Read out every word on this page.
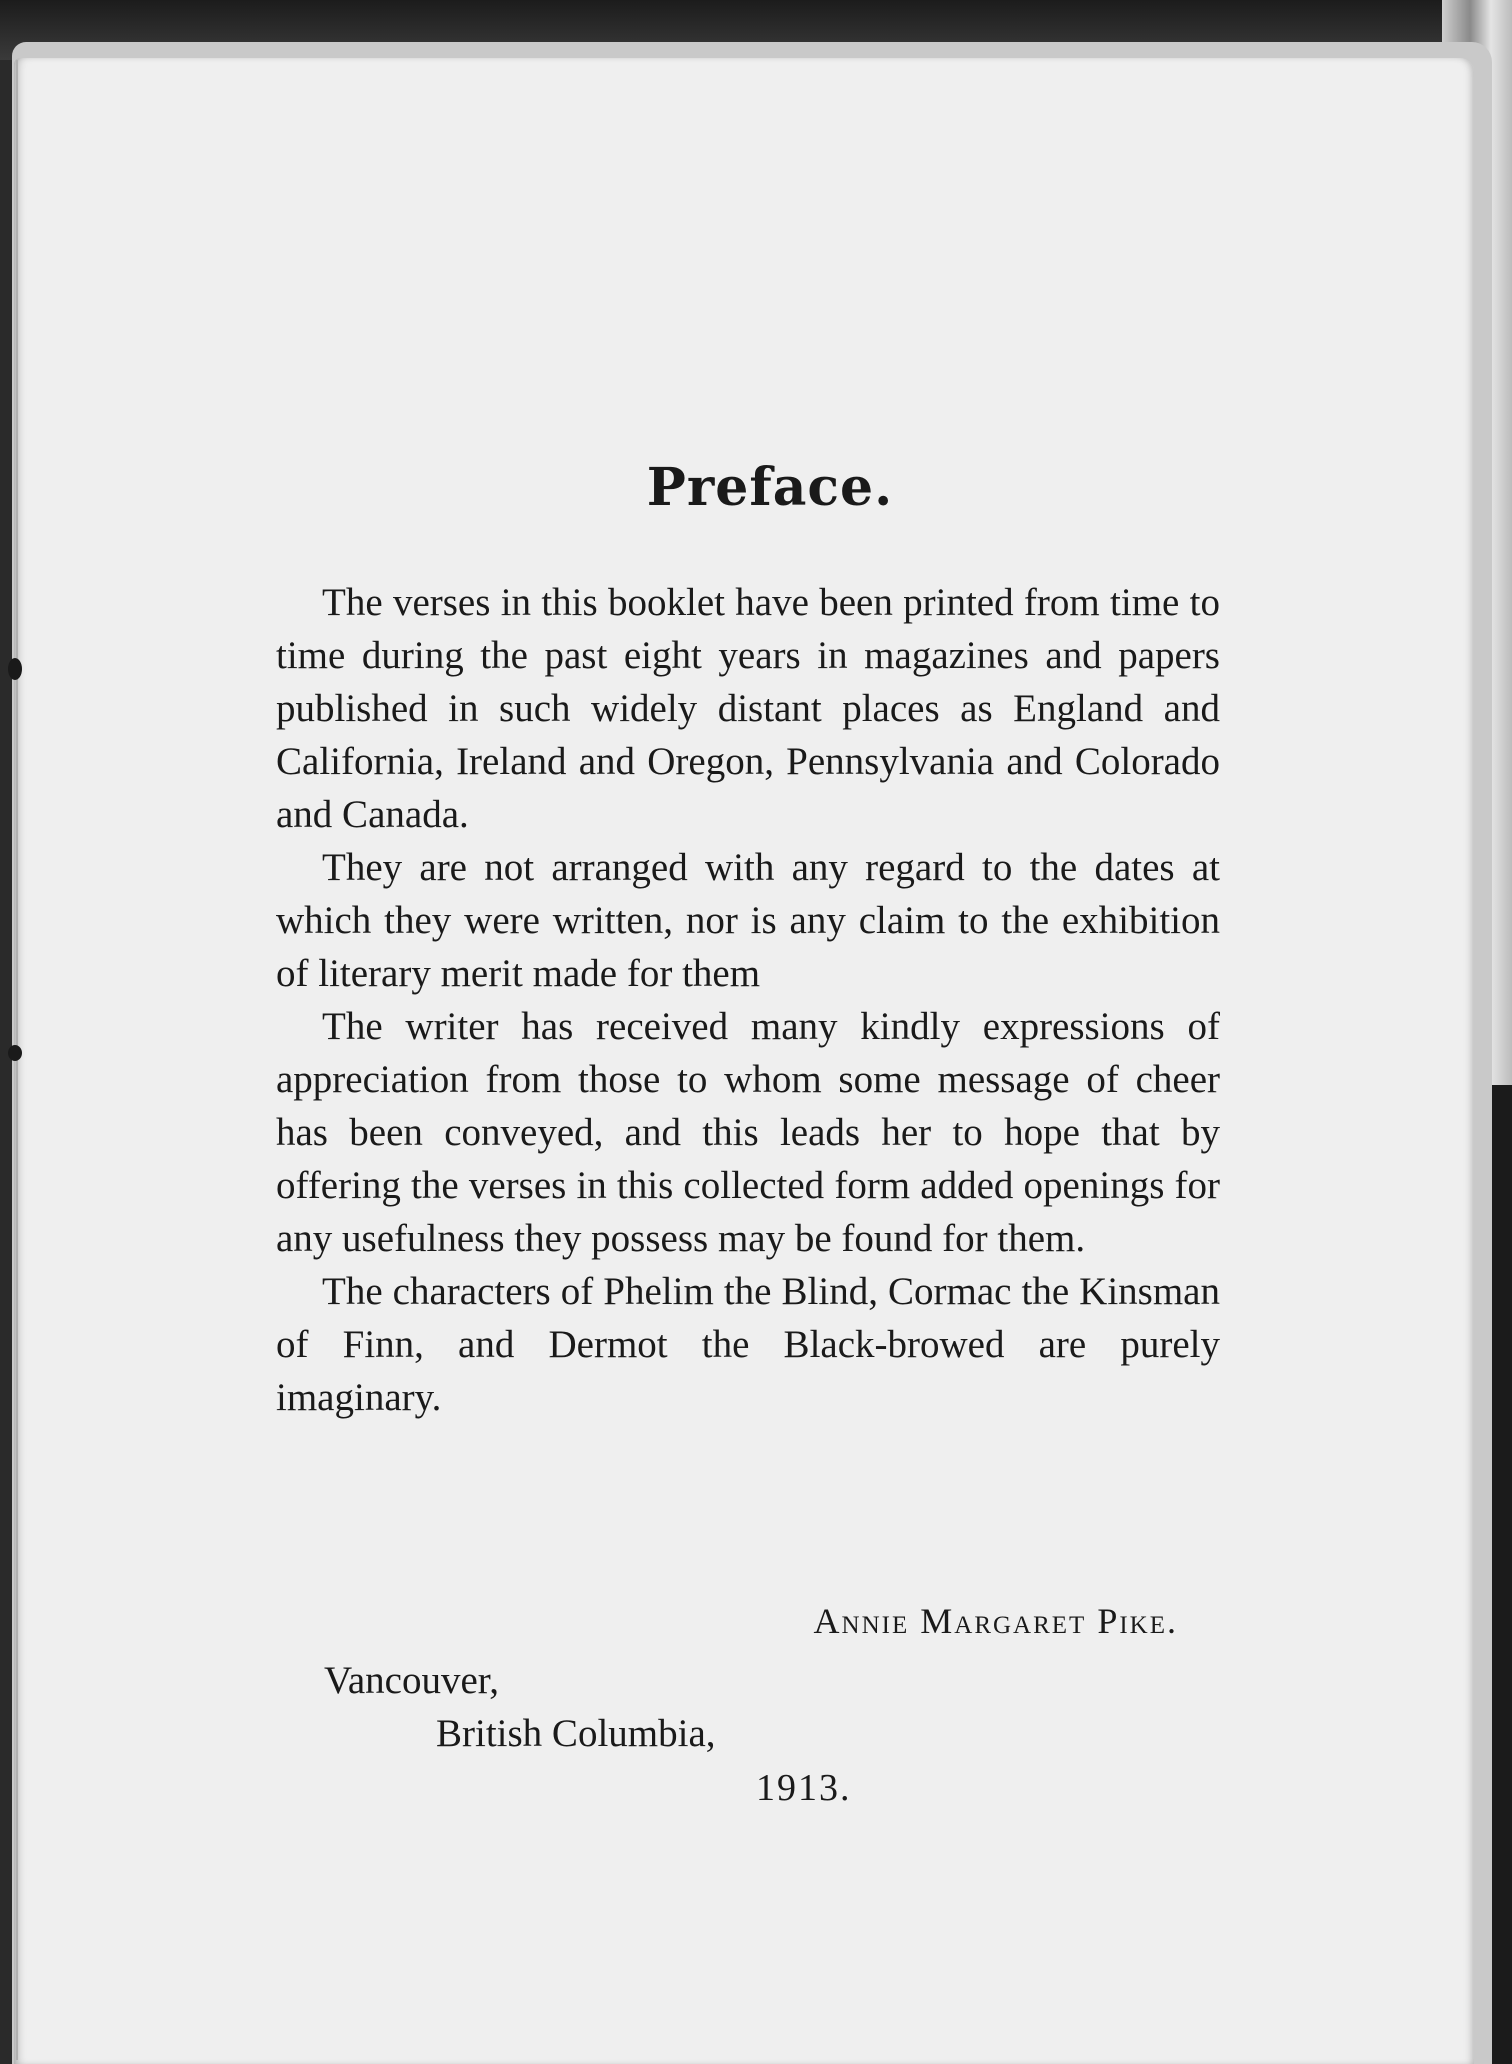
Preface.

The verses in this booklet have been printed from time to time during the past eight years in magazines and papers published in such widely distant places as England and California, Ireland and Oregon, Pennsylvania and Colorado and Canada.

They are not arranged with any regard to the dates at which they were written, nor is any claim to the exhibition of literary merit made for them

The writer has received many kindly expressions of appreciation from those to whom some message of cheer has been conveyed, and this leads her to hope that by offering the verses in this collected form added openings for any usefulness they possess may be found for them.

The characters of Phelim the Blind, Cormac the Kinsman of Finn, and Dermot the Black-browed are purely imaginary.

Annie Margaret Pike.
Vancouver,
British Columbia,
1913.
